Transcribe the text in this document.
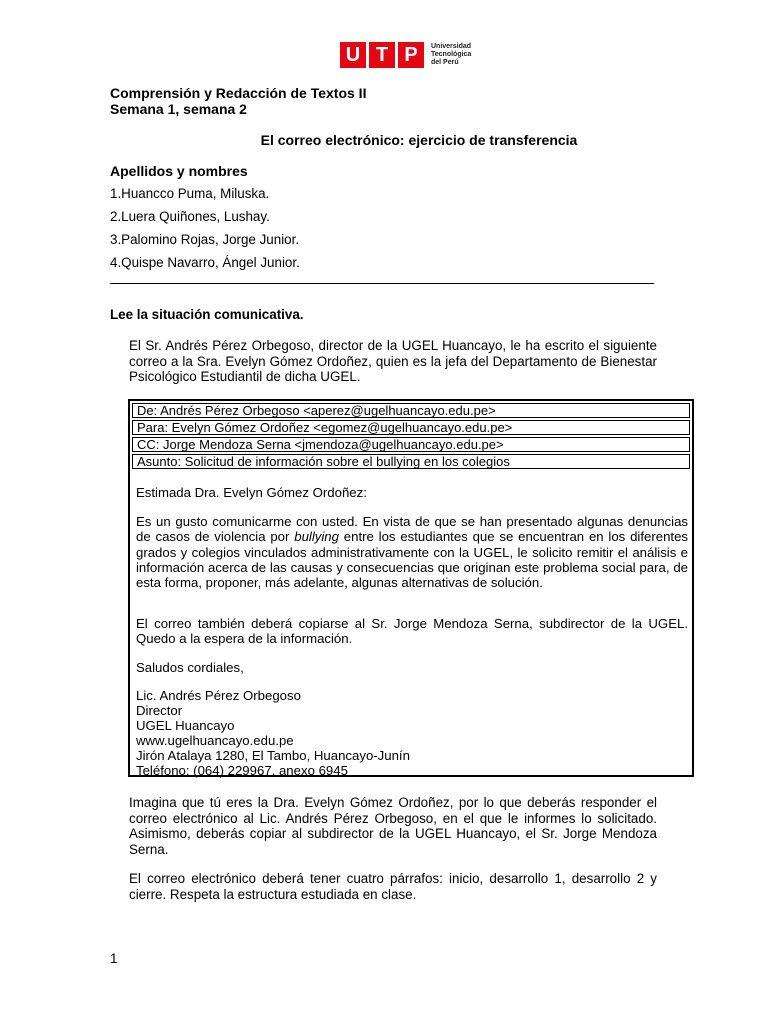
U T P	Universidad
Tecnológica
del Perú
Comprensión y Redacción de Textos II
Semana 1, semana 2
El correo electrónico: ejercicio de transferencia
Apellidos y nombres
1.Huancco Puma, Miluska.
2.Luera Quiñones, Lushay.
3.Palomino Rojas, Jorge Junior.
4.Quispe Navarro, Ángel Junior.
Lee la situación comunicativa.
El Sr. Andrés Pérez Orbegoso, director de la UGEL Huancayo, le ha escrito el siguiente correo a la Sra. Evelyn Gómez Ordoñez, quien es la jefa del Departamento de Bienestar Psicológico Estudiantil de dicha UGEL.
De: Andrés Pérez Orbegoso <aperez@ugelhuancayo.edu.pe>
Para: Evelyn Gómez Ordoñez <egomez@ugelhuancayo.edu.pe>
CC: Jorge Mendoza Serna <jmendoza@ugelhuancayo.edu.pe>
Asunto: Solicitud de información sobre el bullying en los colegios
Estimada Dra. Evelyn Gómez Ordoñez:
Es un gusto comunicarme con usted. En vista de que se han presentado algunas denuncias de casos de violencia por bullying entre los estudiantes que se encuentran en los diferentes grados y colegios vinculados administrativamente con la UGEL, le solicito remitir el análisis e información acerca de las causas y consecuencias que originan este problema social para, de esta forma, proponer, más adelante, algunas alternativas de solución.
El correo también deberá copiarse al Sr. Jorge Mendoza Serna, subdirector de la UGEL. Quedo a la espera de la información.
Saludos cordiales,
Lic. Andrés Pérez Orbegoso
Director
UGEL Huancayo
www.ugelhuancayo.edu.pe
Jirón Atalaya 1280, El Tambo, Huancayo-Junín
Teléfono: (064) 229967, anexo 6945
Imagina que tú eres la Dra. Evelyn Gómez Ordoñez, por lo que deberás responder el correo electrónico al Lic. Andrés Pérez Orbegoso, en el que le informes lo solicitado. Asimismo, deberás copiar al subdirector de la UGEL Huancayo, el Sr. Jorge Mendoza Serna.
El correo electrónico deberá tener cuatro párrafos: inicio, desarrollo 1, desarrollo 2 y cierre. Respeta la estructura estudiada en clase.
1
